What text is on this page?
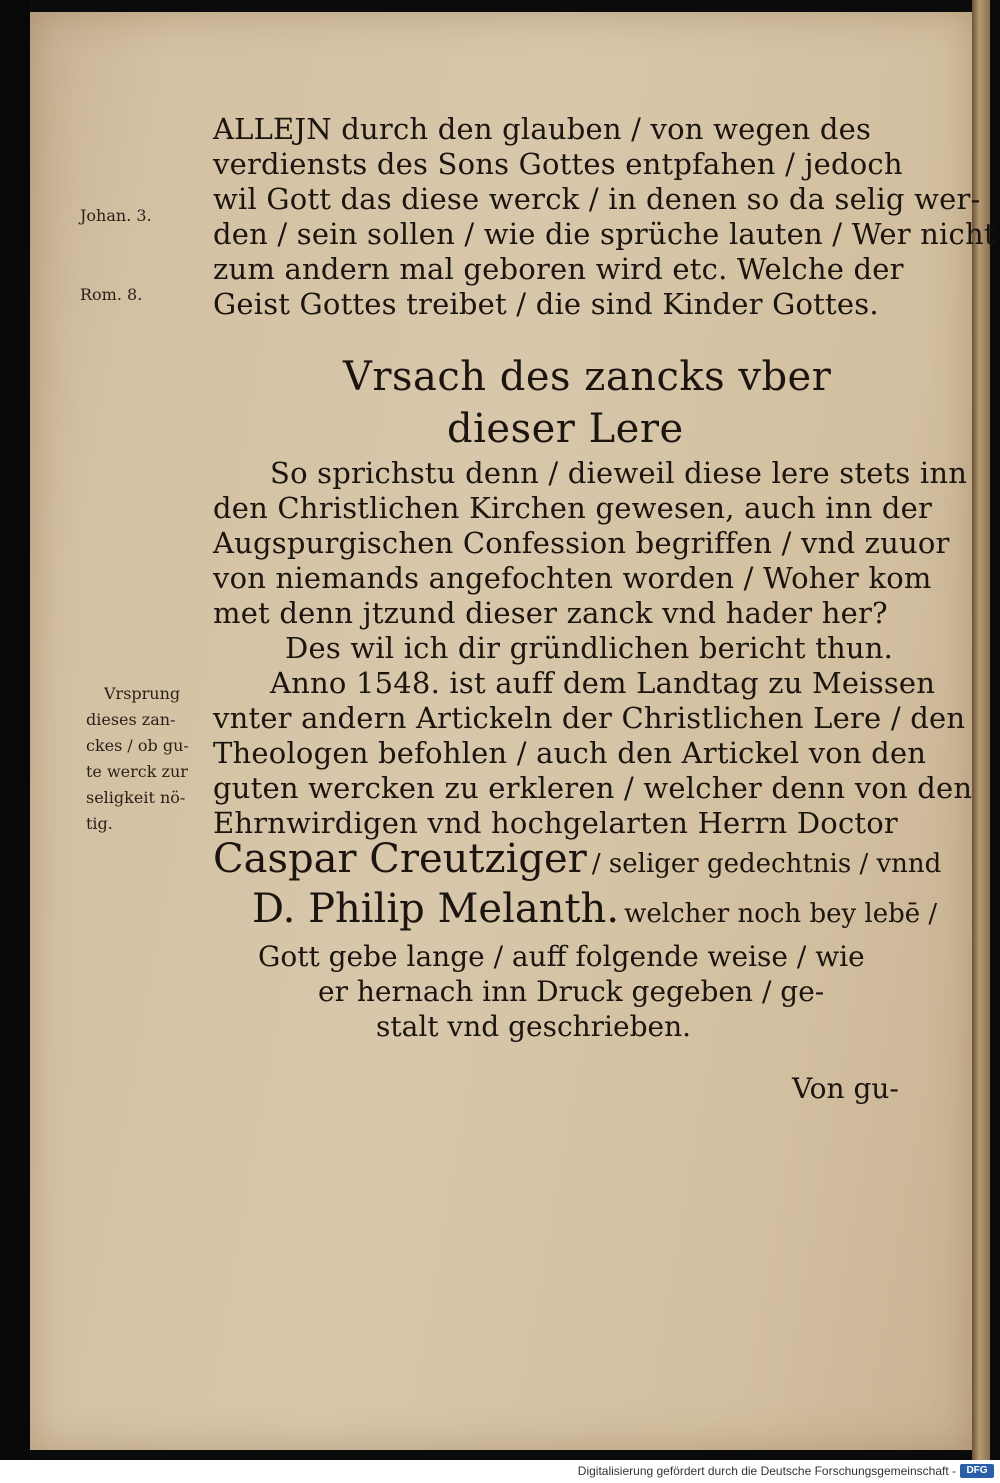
ALLEJN durch den glauben / von wegen des
verdiensts des Sons Gottes entpfahen / jedoch
wil Gott das diese werck / in denen so da selig wer-
den / sein sollen / wie die sprüche lauten / Wer nicht
zum andern mal geboren wird etc. Welche der
Geist Gottes treibet / die sind Kinder Gottes.
Johan. 3.
Rom. 8.
Vrsach des zancks vber
dieser Lere
So sprichstu denn / dieweil diese lere stets inn
den Christlichen Kirchen gewesen, auch inn der
Augspurgischen Confession begriffen / vnd zuuor
von niemands angefochten worden / Woher kom
met denn jtzund dieser zanck vnd hader her?
Des wil ich dir gründlichen bericht thun.
Anno 1548. ist auff dem Landtag zu Meissen
vnter andern Artickeln der Christlichen Lere / den
Theologen befohlen / auch den Artickel von den
guten wercken zu erkleren / welcher denn von den
Ehrnwirdigen vnd hochgelarten Herrn Doctor
Vrsprung
dieses zan-
ckes / ob gu-
te werck zur
seligkeit nö-
tig.
Caspar Creutziger / seliger gedechtnis / vnnd
D. Philip Melanth. welcher noch bey lebē /
Gott gebe lange / auff folgende weise / wie
er hernach inn Druck gegeben / ge-
stalt vnd geschrieben.
Von gu-
Digitalisierung gefördert durch die Deutsche Forschungsgemeinschaft -	DFG
